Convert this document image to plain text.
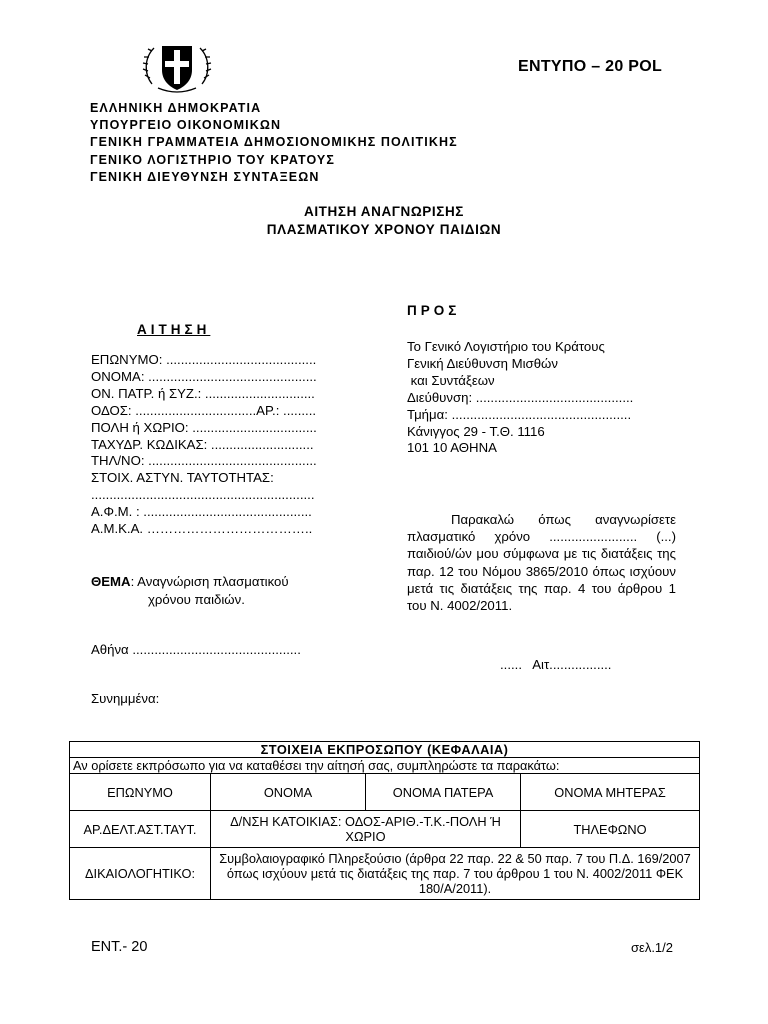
ΕΝΤΥΠΟ – 20 POL
ΕΛΛΗΝΙΚΗ ΔΗΜΟΚΡΑΤΙΑ
ΥΠΟΥΡΓΕΙΟ ΟΙΚΟΝΟΜΙΚΩΝ
ΓΕΝΙΚΗ ΓΡΑΜΜΑΤΕΙΑ ΔΗΜΟΣΙΟΝΟΜΙΚΗΣ ΠΟΛΙΤΙΚΗΣ
ΓΕΝΙΚΟ ΛΟΓΙΣΤΗΡΙΟ ΤΟΥ ΚΡΑΤΟΥΣ
ΓΕΝΙΚΗ ΔΙΕΥΘΥΝΣΗ ΣΥΝΤΑΞΕΩΝ
ΑΙΤΗΣΗ ΑΝΑΓΝΩΡΙΣΗΣ
ΠΛΑΣΜΑΤΙΚΟΥ ΧΡΟΝΟΥ ΠΑΙΔΙΩΝ
ΑΙΤΗΣΗ
ΕΠΩΝΥΜΟ: .........................................
ΟΝΟΜΑ: ..............................................
ΟΝ. ΠΑΤΡ. ή ΣΥΖ.: ..............................
ΟΔΟΣ: .................................ΑΡ.: .........
ΠΟΛΗ ή ΧΩΡΙΟ: ..................................
ΤΑΧΥΔΡ. ΚΩΔΙΚΑΣ: ............................
ΤΗΛ/ΝΟ: ..............................................
ΣΤΟΙΧ. ΑΣΤΥΝ. ΤΑΥΤΟΤΗΤΑΣ:
.............................................................
Α.Φ.Μ. : ..............................................
Α.Μ.Κ.Α. ………………………………..
ΠΡΟΣ
Το Γενικό Λογιστήριο του Κράτους
Γενική Διεύθυνση Μισθών
και Συντάξεων
Διεύθυνση: ...........................................
Τμήμα: .................................................
Κάνιγγος 29 - Τ.Θ. 1116
101 10 ΑΘΗΝΑ

Παρακαλώ όπως αναγνωρίσετε πλασματικό χρόνο ........................ (...) παιδιού/ών μου σύμφωνα με τις διατάξεις της παρ. 12 του Νόμου 3865/2010 όπως ισχύουν μετά τις διατάξεις της παρ. 4 του άρθρου 1 του Ν. 4002/2011.

......   Αιτ.................
ΘΕΜΑ: Αναγνώριση πλασματικού
χρόνου παιδιών.
Αθήνα ..............................................
Συνημμένα:
ΣΤΟΙΧΕΙΑ ΕΚΠΡΟΣΩΠΟΥ (ΚΕΦΑΛΑΙΑ)			
Αν ορίσετε εκπρόσωπο για να καταθέσει την αίτησή σας, συμπληρώστε τα παρακάτω:			
ΕΠΩΝΥΜΟ	ΟΝΟΜΑ	ΟΝΟΜΑ ΠΑΤΕΡΑ	ΟΝΟΜΑ ΜΗΤΕΡΑΣ
ΑΡ.ΔΕΛΤ.ΑΣΤ.ΤΑΥΤ.	Δ/ΝΣΗ ΚΑΤΟΙΚΙΑΣ: ΟΔΟΣ-ΑΡΙΘ.-Τ.Κ.-ΠΟΛΗ Ή ΧΩΡΙΟ		ΤΗΛΕΦΩΝΟ
ΔΙΚΑΙΟΛΟΓΗΤΙΚΟ:	Συμβολαιογραφικό Πληρεξούσιο (άρθρα 22 παρ. 22 & 50 παρ. 7 του Π.Δ. 169/2007 όπως ισχύουν μετά τις διατάξεις της παρ. 7 του άρθρου 1 του Ν. 4002/2011 ΦΕΚ 180/Α/2011).		
ΕΝΤ.- 20	σελ.1/2
